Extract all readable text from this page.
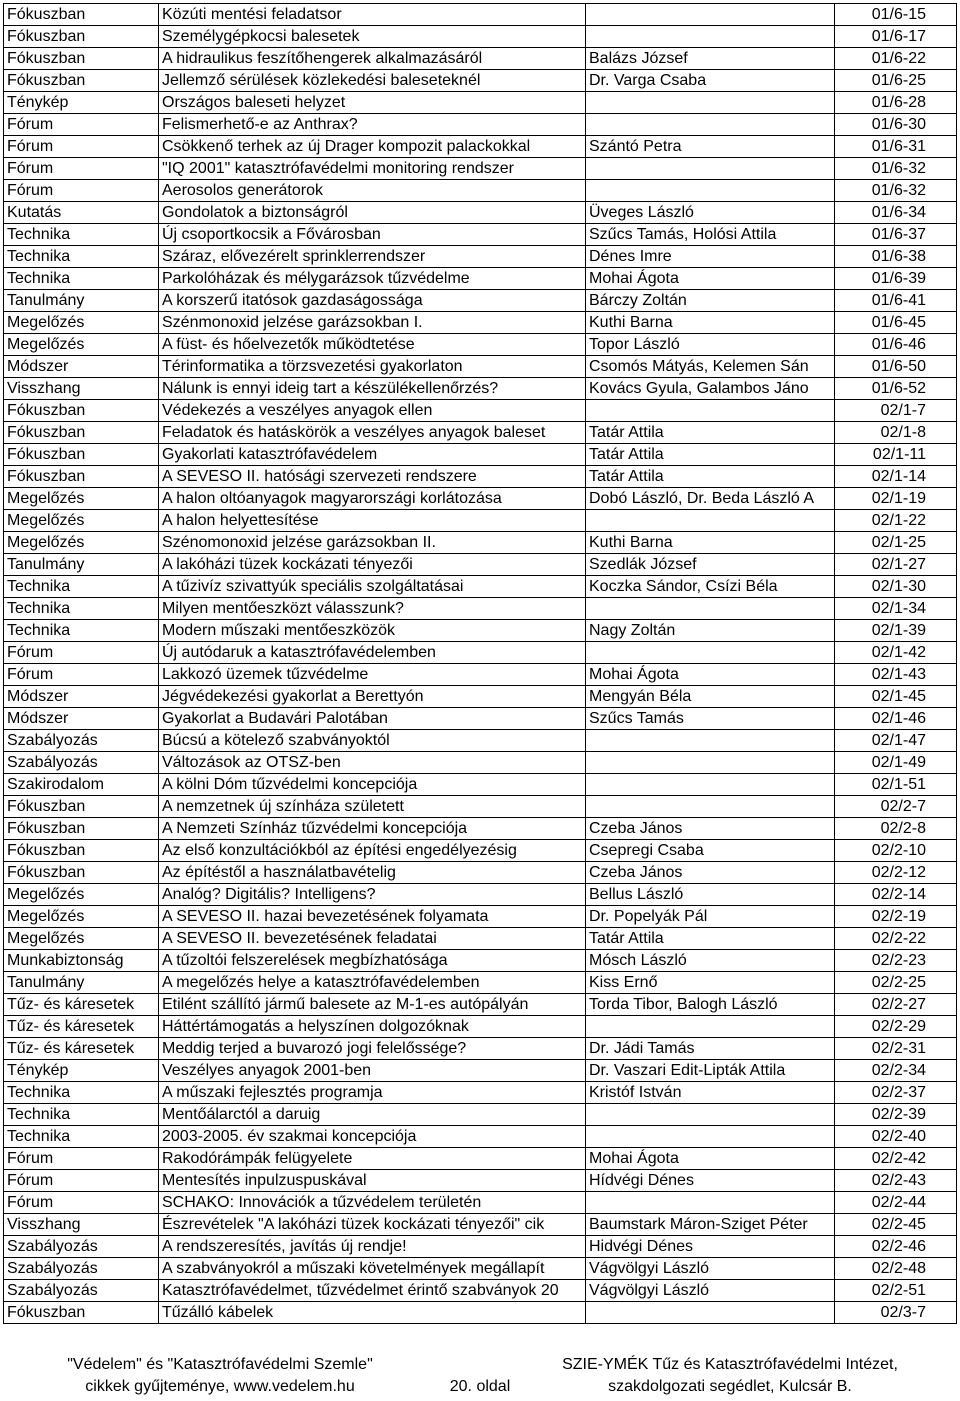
Fókuszban	Közúti mentési feladatsor		01/6-15
Fókuszban	Személygépkocsi balesetek		01/6-17
Fókuszban	A hidraulikus feszítőhengerek alkalmazásáról	Balázs József	01/6-22
Fókuszban	Jellemző sérülések közlekedési baleseteknél	Dr. Varga Csaba	01/6-25
Ténykép	Országos baleseti helyzet		01/6-28
Fórum	Felismerhető-e az Anthrax?		01/6-30
Fórum	Csökkenő terhek az új Drager kompozit palackokkal	Szántó Petra	01/6-31
Fórum	"IQ 2001" katasztrófavédelmi monitoring rendszer		01/6-32
Fórum	Aerosolos generátorok		01/6-32
Kutatás	Gondolatok a biztonságról	Üveges László	01/6-34
Technika	Új csoportkocsik a Fővárosban	Szűcs Tamás, Holósi Attila	01/6-37
Technika	Száraz, elővezérelt sprinklerrendszer	Dénes Imre	01/6-38
Technika	Parkolóházak és mélygarázsok tűzvédelme	Mohai Ágota	01/6-39
Tanulmány	A korszerű itatósok gazdaságossága	Bárczy Zoltán	01/6-41
Megelőzés	Szénmonoxid jelzése garázsokban I.	Kuthi Barna	01/6-45
Megelőzés	A füst- és hőelvezetők működtetése	Topor László	01/6-46
Módszer	Térinformatika a törzsvezetési gyakorlaton	Csomós Mátyás, Kelemen Sán	01/6-50
Visszhang	Nálunk is ennyi ideig tart a készülékellenőrzés?	Kovács Gyula, Galambos Jáno	01/6-52
Fókuszban	Védekezés a veszélyes anyagok ellen		02/1-7
Fókuszban	Feladatok és hatáskörök a veszélyes anyagok baleset	Tatár Attila	02/1-8
Fókuszban	Gyakorlati katasztrófavédelem	Tatár Attila	02/1-11
Fókuszban	A SEVESO II. hatósági szervezeti rendszere	Tatár Attila	02/1-14
Megelőzés	A halon oltóanyagok magyarországi korlátozása	Dobó László, Dr. Beda László A	02/1-19
Megelőzés	A halon helyettesítése		02/1-22
Megelőzés	Szénomonoxid jelzése garázsokban II.	Kuthi Barna	02/1-25
Tanulmány	A lakóházi tüzek kockázati tényezői	Szedlák József	02/1-27
Technika	A tűzivíz szivattyúk speciális szolgáltatásai	Koczka Sándor, Csízi Béla	02/1-30
Technika	Milyen mentőeszközt válasszunk?		02/1-34
Technika	Modern műszaki mentőeszközök	Nagy Zoltán	02/1-39
Fórum	Új autódaruk a katasztrófavédelemben		02/1-42
Fórum	Lakkozó üzemek tűzvédelme	Mohai Ágota	02/1-43
Módszer	Jégvédekezési gyakorlat a Berettyón	Mengyán Béla	02/1-45
Módszer	Gyakorlat a Budavári Palotában	Szűcs Tamás	02/1-46
Szabályozás	Búcsú a kötelező szabványoktól		02/1-47
Szabályozás	Változások az OTSZ-ben		02/1-49
Szakirodalom	A kölni Dóm tűzvédelmi koncepciója		02/1-51
Fókuszban	A nemzetnek új színháza született		02/2-7
Fókuszban	A Nemzeti Színház tűzvédelmi koncepciója	Czeba János	02/2-8
Fókuszban	Az első konzultációkból az építési engedélyezésig	Csepregi Csaba	02/2-10
Fókuszban	Az építéstől a használatbavételig	Czeba János	02/2-12
Megelőzés	Analóg? Digitális? Intelligens?	Bellus László	02/2-14
Megelőzés	A SEVESO II. hazai bevezetésének folyamata	Dr. Popelyák Pál	02/2-19
Megelőzés	A SEVESO II. bevezetésének feladatai	Tatár Attila	02/2-22
Munkabiztonság	A tűzoltói felszerelések megbízhatósága	Mósch László	02/2-23
Tanulmány	A megelőzés helye a katasztrófavédelemben	Kiss Ernő	02/2-25
Tűz- és káresetek	Etilént szállító jármű balesete az M-1-es autópályán	Torda Tibor, Balogh László	02/2-27
Tűz- és káresetek	Háttértámogatás a helyszínen dolgozóknak		02/2-29
Tűz- és káresetek	Meddig terjed a buvarozó jogi felelőssége?	Dr. Jádi Tamás	02/2-31
Ténykép	Veszélyes anyagok 2001-ben	Dr. Vaszari Edit-Lipták Attila	02/2-34
Technika	A műszaki fejlesztés programja	Kristóf István	02/2-37
Technika	Mentőálarctól a daruig		02/2-39
Technika	2003-2005. év szakmai koncepciója		02/2-40
Fórum	Rakodórámpák felügyelete	Mohai Ágota	02/2-42
Fórum	Mentesítés inpulzuspuskával	Hídvégi Dénes	02/2-43
Fórum	SCHAKO: Innovációk a tűzvédelem területén		02/2-44
Visszhang	Észrevételek "A lakóházi tüzek kockázati tényezői" cik	Baumstark Máron-Sziget Péter	02/2-45
Szabályozás	A rendszeresítés, javítás új rendje!	Hidvégi Dénes	02/2-46
Szabályozás	A szabványokról a műszaki követelmények megállapít	Vágvölgyi László	02/2-48
Szabályozás	Katasztrófavédelmet, tűzvédelmet érintő szabványok 20	Vágvölgyi László	02/2-51
Fókuszban	Tűzálló kábelek		02/3-7
"Védelem" és "Katasztrófavédelmi Szemle"
cikkek gyűjteménye, www.vedelem.hu	20. oldal
SZIE-YMÉK Tűz és Katasztrófavédelmi Intézet,
szakdolgozati segédlet, Kulcsár B.
